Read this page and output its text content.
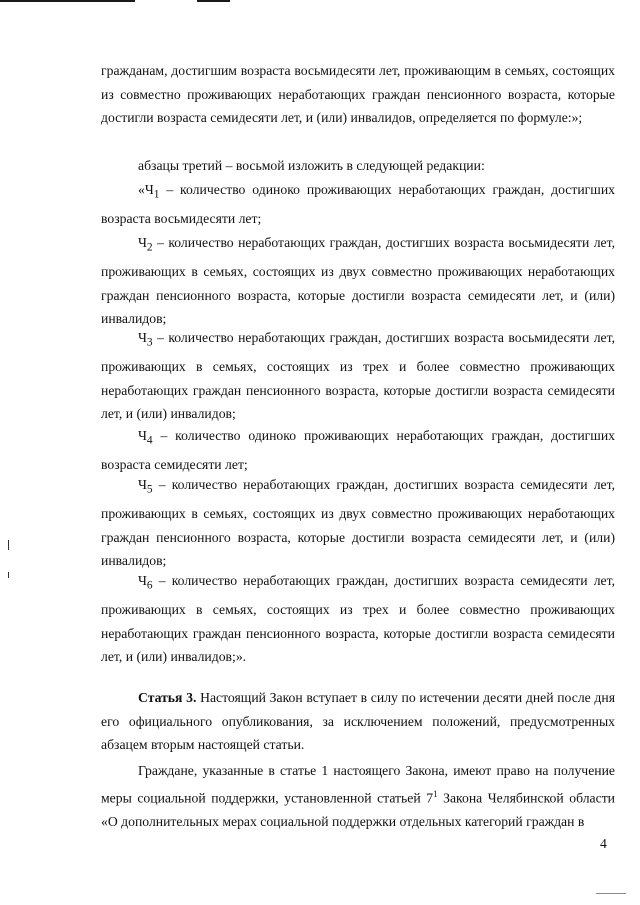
гражданам, достигшим возраста восьмидесяти лет, проживающим в семьях, состоящих из совместно проживающих неработающих граждан пенсионного возраста, которые достигли возраста семидесяти лет, и (или) инвалидов, определяется по формуле:»;

абзацы третий – восьмой изложить в следующей редакции:

«$Ч_1$ – количество одиноко проживающих неработающих граждан, достигших возраста восьмидесяти лет;

$Ч_2$ – количество неработающих граждан, достигших возраста восьмидесяти лет, проживающих в семьях, состоящих из двух совместно проживающих неработающих граждан пенсионного возраста, которые достигли возраста семидесяти лет, и (или) инвалидов;

$Ч_3$ – количество неработающих граждан, достигших возраста восьмидесяти лет, проживающих в семьях, состоящих из трех и более совместно проживающих неработающих граждан пенсионного возраста, которые достигли возраста семидесяти лет, и (или) инвалидов;

$Ч_4$ – количество одиноко проживающих неработающих граждан, достигших возраста семидесяти лет;

$Ч_5$ – количество неработающих граждан, достигших возраста семидесяти лет, проживающих в семьях, состоящих из двух совместно проживающих неработающих граждан пенсионного возраста, которые достигли возраста семидесяти лет, и (или) инвалидов;

$Ч_6$ – количество неработающих граждан, достигших возраста семидесяти лет, проживающих в семьях, состоящих из трех и более совместно проживающих неработающих граждан пенсионного возраста, которые достигли возраста семидесяти лет, и (или) инвалидов;».

Статья 3. Настоящий Закон вступает в силу по истечении десяти дней после дня его официального опубликования, за исключением положений, предусмотренных абзацем вторым настоящей статьи.

Граждане, указанные в статье 1 настоящего Закона, имеют право на получение меры социальной поддержки, установленной статьей $7^1$ Закона Челябинской области «О дополнительных мерах социальной поддержки отдельных категорий граждан в

4
